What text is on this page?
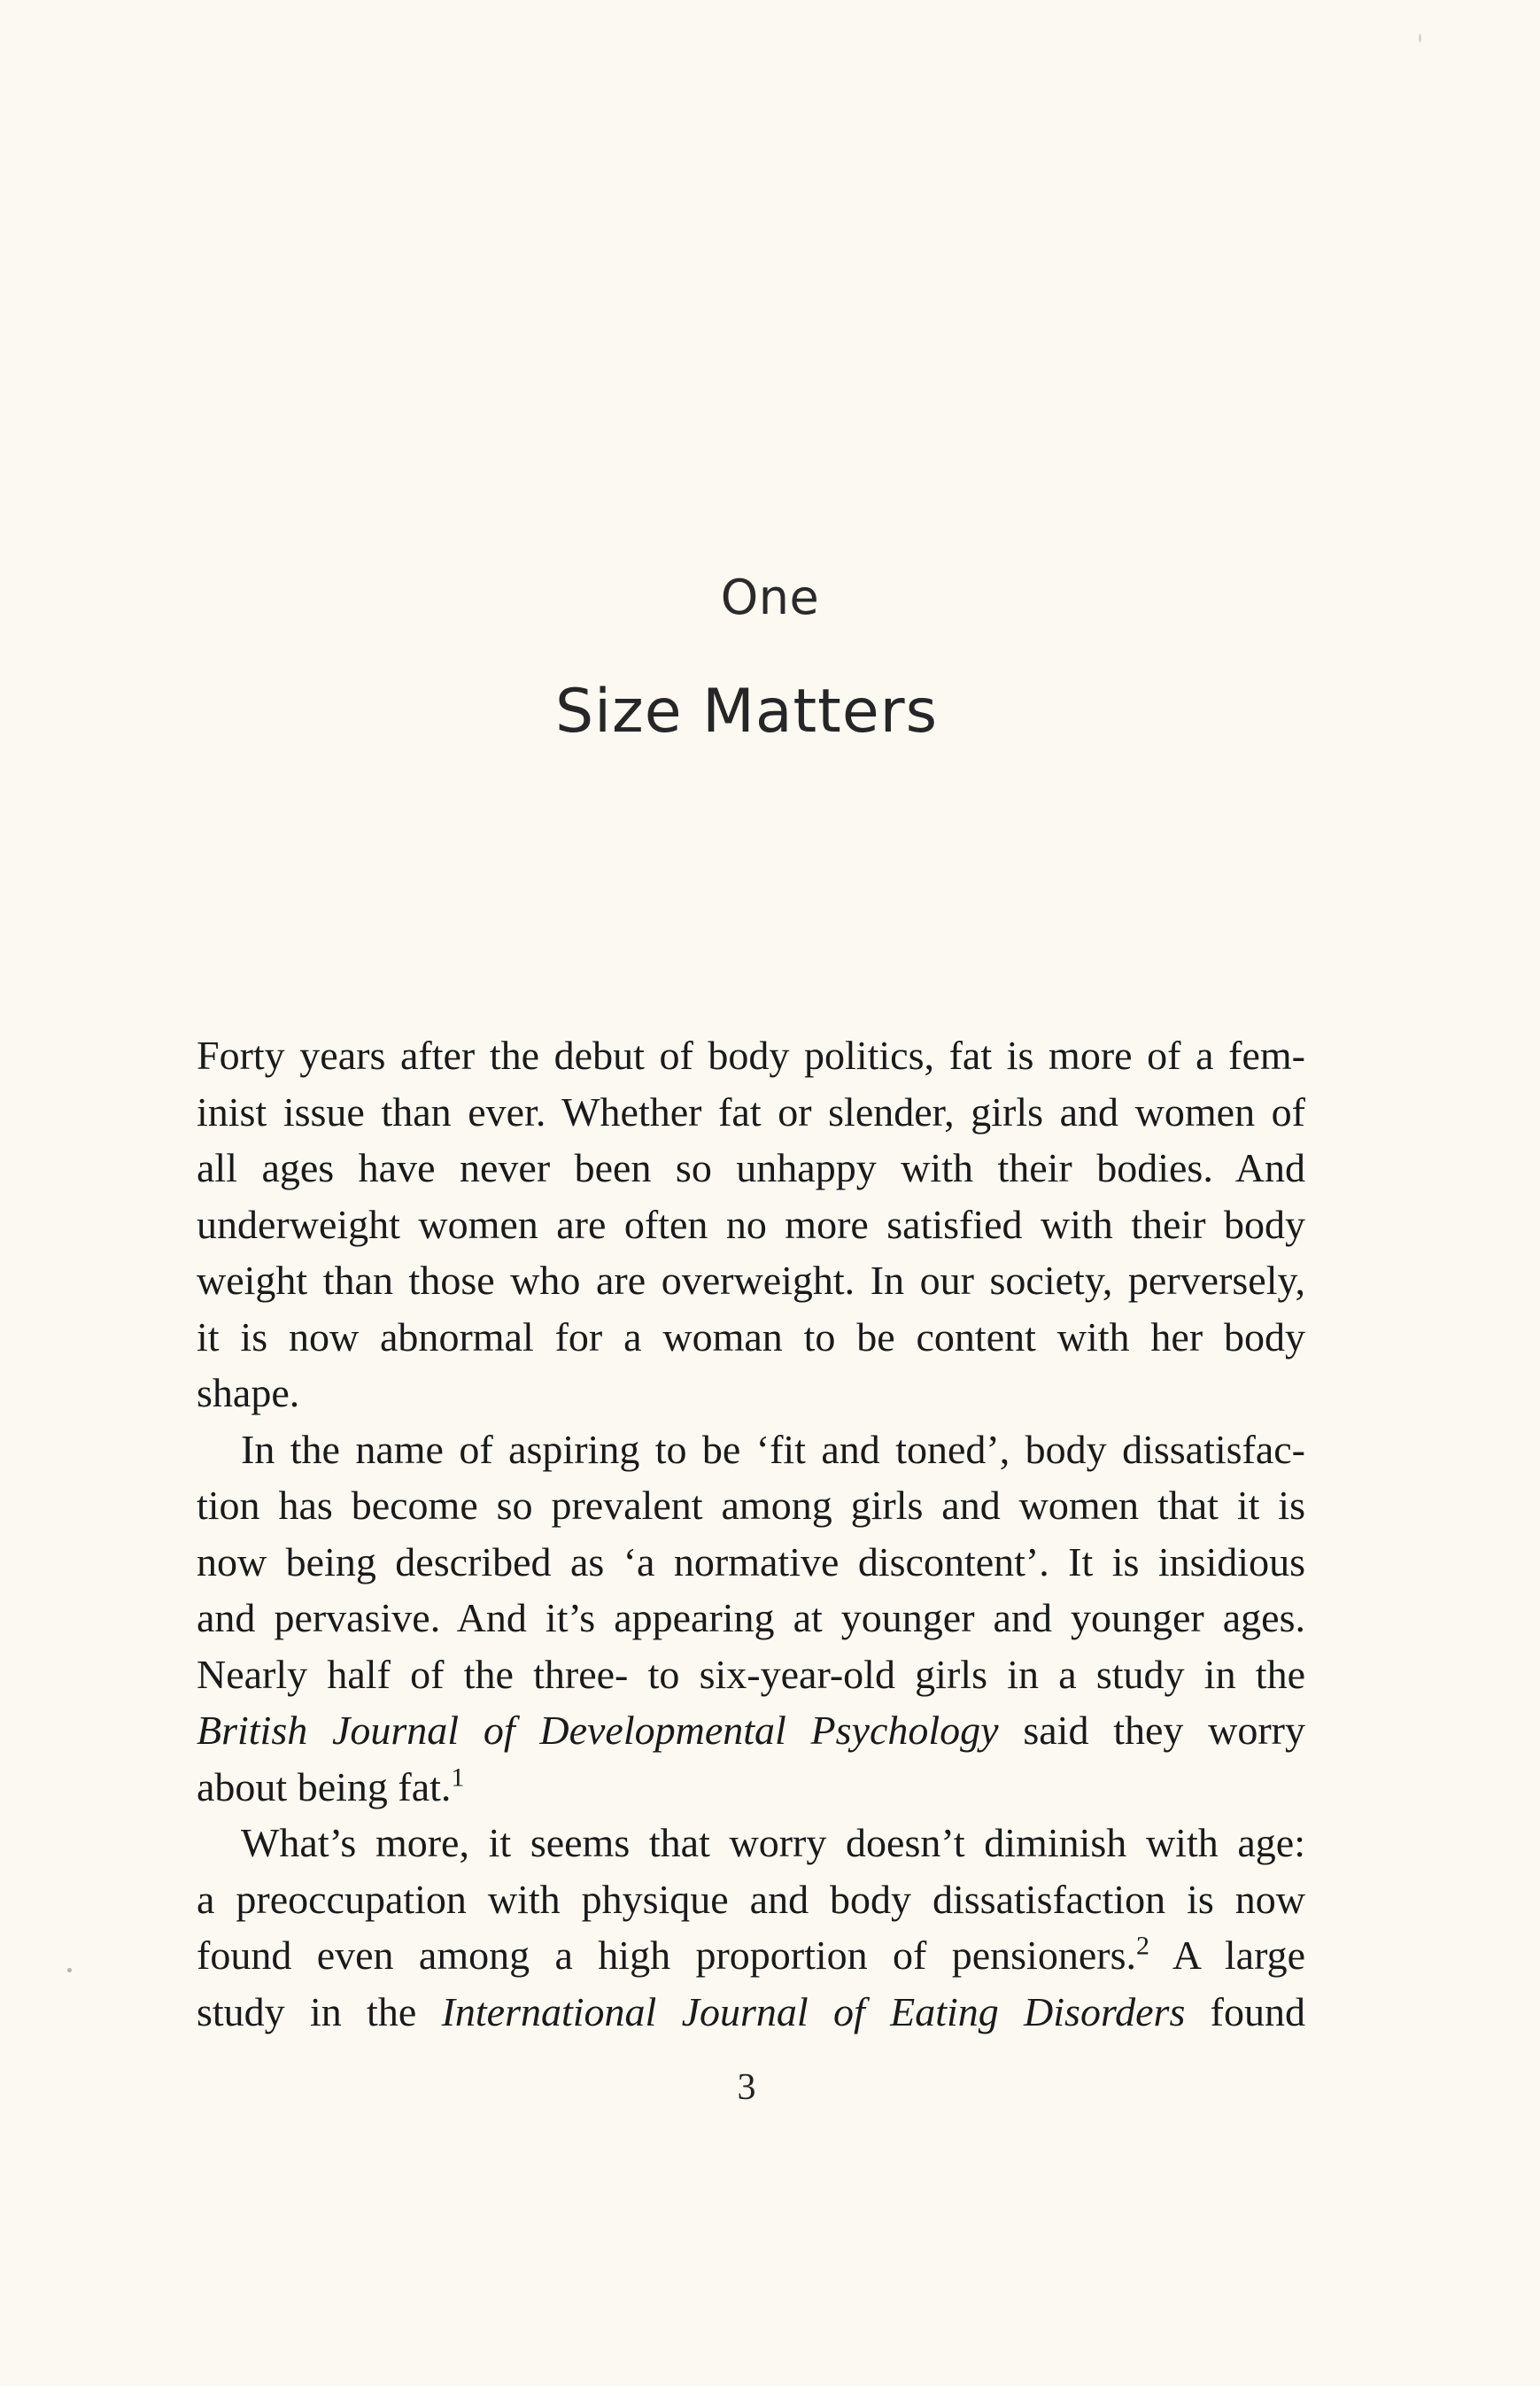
One
Size Matters
Forty years after the debut of body politics, fat is more of a fem-
inist issue than ever. Whether fat or slender, girls and women of
all ages have never been so unhappy with their bodies. And
underweight women are often no more satisfied with their body
weight than those who are overweight. In our society, perversely,
it is now abnormal for a woman to be content with her body
shape.
In the name of aspiring to be ‘fit and toned’, body dissatisfac-
tion has become so prevalent among girls and women that it is
now being described as ‘a normative discontent’. It is insidious
and pervasive. And it’s appearing at younger and younger ages.
Nearly half of the three- to six-year-old girls in a study in the
British Journal of Developmental Psychology said they worry
about being fat.$^1$
What’s more, it seems that worry doesn’t diminish with age:
a preoccupation with physique and body dissatisfaction is now
found even among a high proportion of pensioners.$^2$ A large
study in the International Journal of Eating Disorders found
3
